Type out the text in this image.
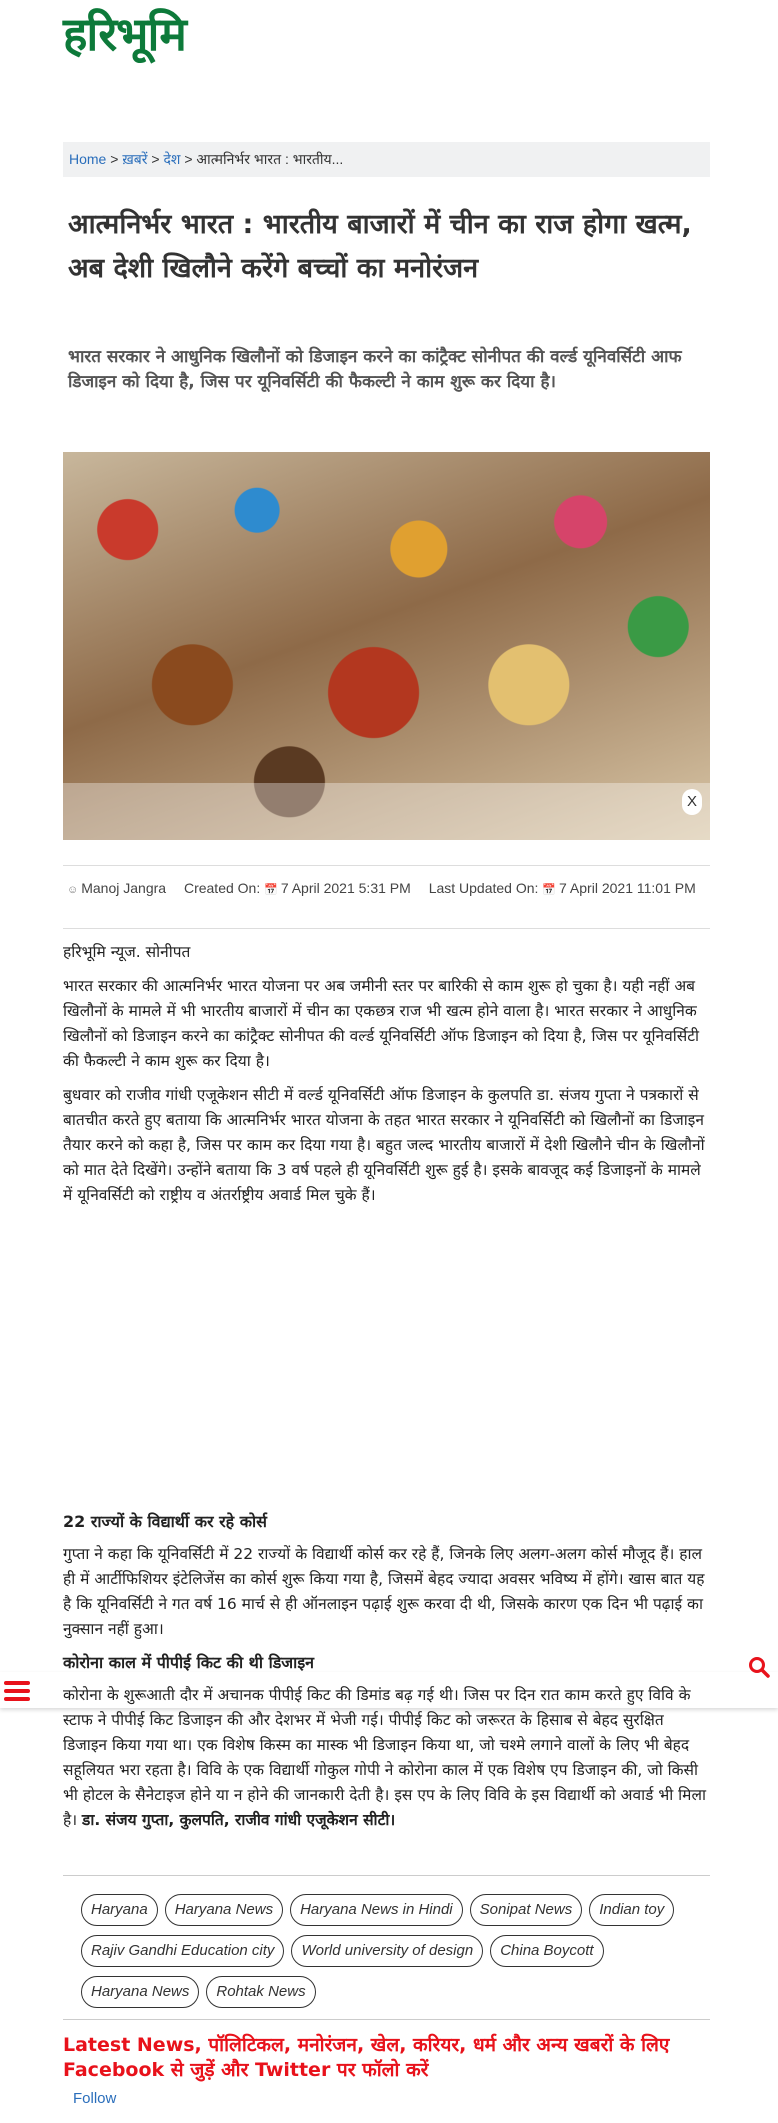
हरिभूमि
Home > ख़बरें > देश > आत्मनिर्भर भारत : भारतीय...
आत्मनिर्भर भारत : भारतीय बाजारों में चीन का राज होगा खत्म, अब देशी खिलौने करेंगे बच्चों का मनोरंजन
भारत सरकार ने आधुनिक खिलौनों को डिजाइन करने का कांट्रैक्ट सोनीपत की वर्ल्ड यूनिवर्सिटी आफ डिजाइन को दिया है, जिस पर यूनिवर्सिटी की फैकल्टी ने काम शुरू कर दिया है।
X
☺ Manoj Jangra Created On: 📅 7 April 2021 5:31 PM Last Updated On: 📅 7 April 2021 11:01 PM

हरिभूमि न्यूज. सोनीपत

भारत सरकार की आत्मनिर्भर भारत योजना पर अब जमीनी स्तर पर बारिकी से काम शुरू हो चुका है। यही नहीं अब खिलौनों के मामले में भी भारतीय बाजारों में चीन का एकछत्र राज भी खत्म होने वाला है। भारत सरकार ने आधुनिक खिलौनों को डिजाइन करने का कांट्रैक्ट सोनीपत की वर्ल्ड यूनिवर्सिटी ऑफ डिजाइन को दिया है, जिस पर यूनिवर्सिटी की फैकल्टी ने काम शुरू कर दिया है।

बुधवार को राजीव गांधी एजूकेशन सीटी में वर्ल्ड यूनिवर्सिटी ऑफ डिजाइन के कुलपति डा. संजय गुप्ता ने पत्रकारों से बातचीत करते हुए बताया कि आत्मनिर्भर भारत योजना के तहत भारत सरकार ने यूनिवर्सिटी को खिलौनों का डिजाइन तैयार करने को कहा है, जिस पर काम कर दिया गया है। बहुत जल्द भारतीय बाजारों में देशी खिलौने चीन के खिलौनों को मात देते दिखेंगे। उन्होंने बताया कि 3 वर्ष पहले ही यूनिवर्सिटी शुरू हुई है। इसके बावजूद कई डिजाइनों के मामले में यूनिवर्सिटी को राष्ट्रीय व अंतर्राष्ट्रीय अवार्ड मिल चुके हैं।

22 राज्यों के विद्यार्थी कर रहे कोर्स

गुप्ता ने कहा कि यूनिवर्सिटी में 22 राज्यों के विद्यार्थी कोर्स कर रहे हैं, जिनके लिए अलग-अलग कोर्स मौजूद हैं। हाल ही में आर्टीफिशियर इंटेलिजेंस का कोर्स शुरू किया गया है, जिसमें बेहद ज्यादा अवसर भविष्य में होंगे। खास बात यह है कि यूनिवर्सिटी ने गत वर्ष 16 मार्च से ही ऑनलाइन पढ़ाई शुरू करवा दी थी, जिसके कारण एक दिन भी पढ़ाई का नुक्सान नहीं हुआ।

कोरोना काल में पीपीई किट की थी डिजाइन

कोरोना के शुरूआती दौर में अचानक पीपीई किट की डिमांड बढ़ गई थी। जिस पर दिन रात काम करते हुए विवि के स्टाफ ने पीपीई किट डिजाइन की और देशभर में भेजी गई। पीपीई किट को जरूरत के हिसाब से बेहद सुरक्षित डिजाइन किया गया था। एक विशेष किस्म का मास्क भी डिजाइन किया था, जो चश्मे लगाने वालों के लिए भी बेहद सहूलियत भरा रहता है। विवि के एक विद्यार्थी गोकुल गोपी ने कोरोना काल में एक विशेष एप डिजाइन की, जो किसी भी होटल के सैनेटाइज होने या न होने की जानकारी देती है। इस एप के लिए विवि के इस विद्यार्थी को अवार्ड भी मिला है। डा. संजय गुप्ता, कुलपति, राजीव गांधी एजूकेशन सीटी।

Haryana	Haryana News	Haryana News in Hindi	Sonipat News	Indian toy
Rajiv Gandhi Education city	World university of design	China Boycott
Haryana News	Rohtak News
Latest News, पॉलिटिकल, मनोरंजन, खेल, करियर, धर्म और अन्य खबरों के लिए Facebook से जुड़ें और Twitter पर फॉलो करें
Follow
